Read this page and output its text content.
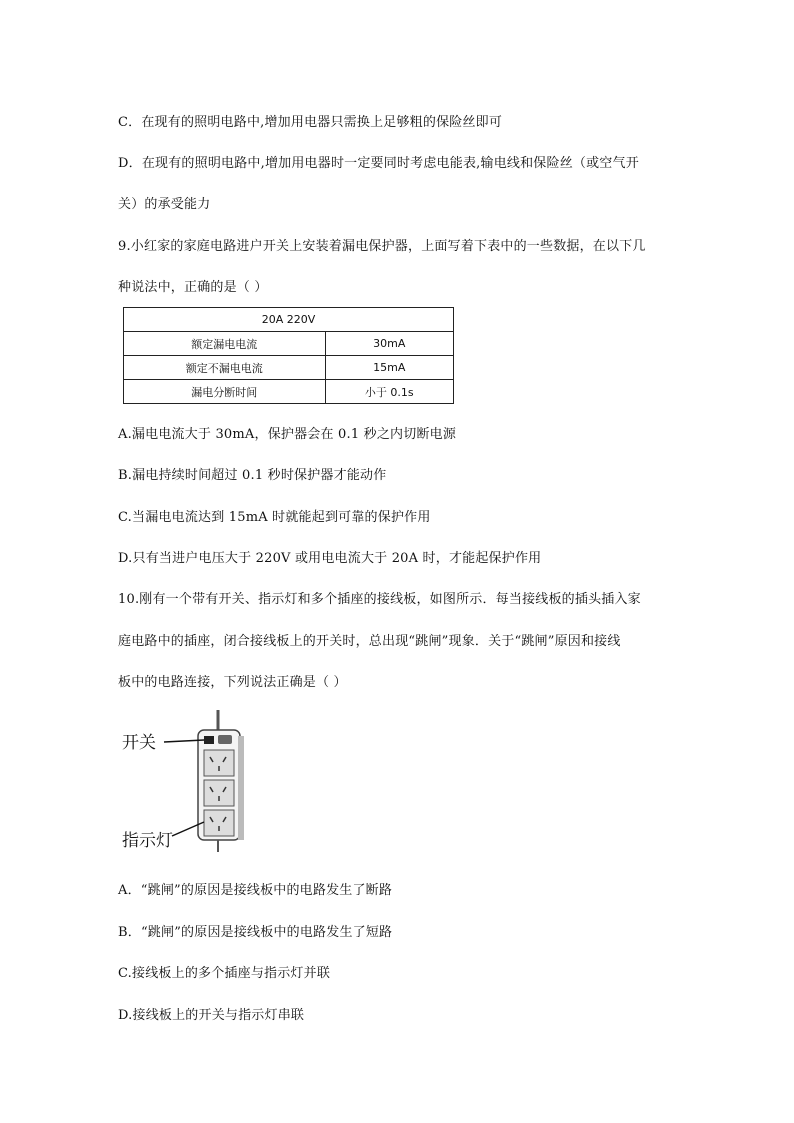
C．在现有的照明电路中,增加用电器只需换上足够粗的保险丝即可
D．在现有的照明电路中,增加用电器时一定要同时考虑电能表,输电线和保险丝（或空气开
关）的承受能力
9.小红家的家庭电路进户开关上安装着漏电保护器，上面写着下表中的一些数据，在以下几
种说法中，正确的是（ ）
20A 220V	
额定漏电电流	30mA
额定不漏电电流	15mA
漏电分断时间	小于 0.1s
A.漏电电流大于 30mA，保护器会在 0.1 秒之内切断电源
B.漏电持续时间超过 0.1 秒时保护器才能动作
C.当漏电电流达到 15mA 时就能起到可靠的保护作用
D.只有当进户电压大于 220V 或用电电流大于 20A 时，才能起保护作用
10.刚有一个带有开关、指示灯和多个插座的接线板，如图所示．每当接线板的插头插入家
庭电路中的插座，闭合接线板上的开关时，总出现“跳闸”现象．关于“跳闸”原因和接线
板中的电路连接，下列说法正确是（ ）
开关
指示灯
A．“跳闸”的原因是接线板中的电路发生了断路
B．“跳闸”的原因是接线板中的电路发生了短路
C.接线板上的多个插座与指示灯并联
D.接线板上的开关与指示灯串联
